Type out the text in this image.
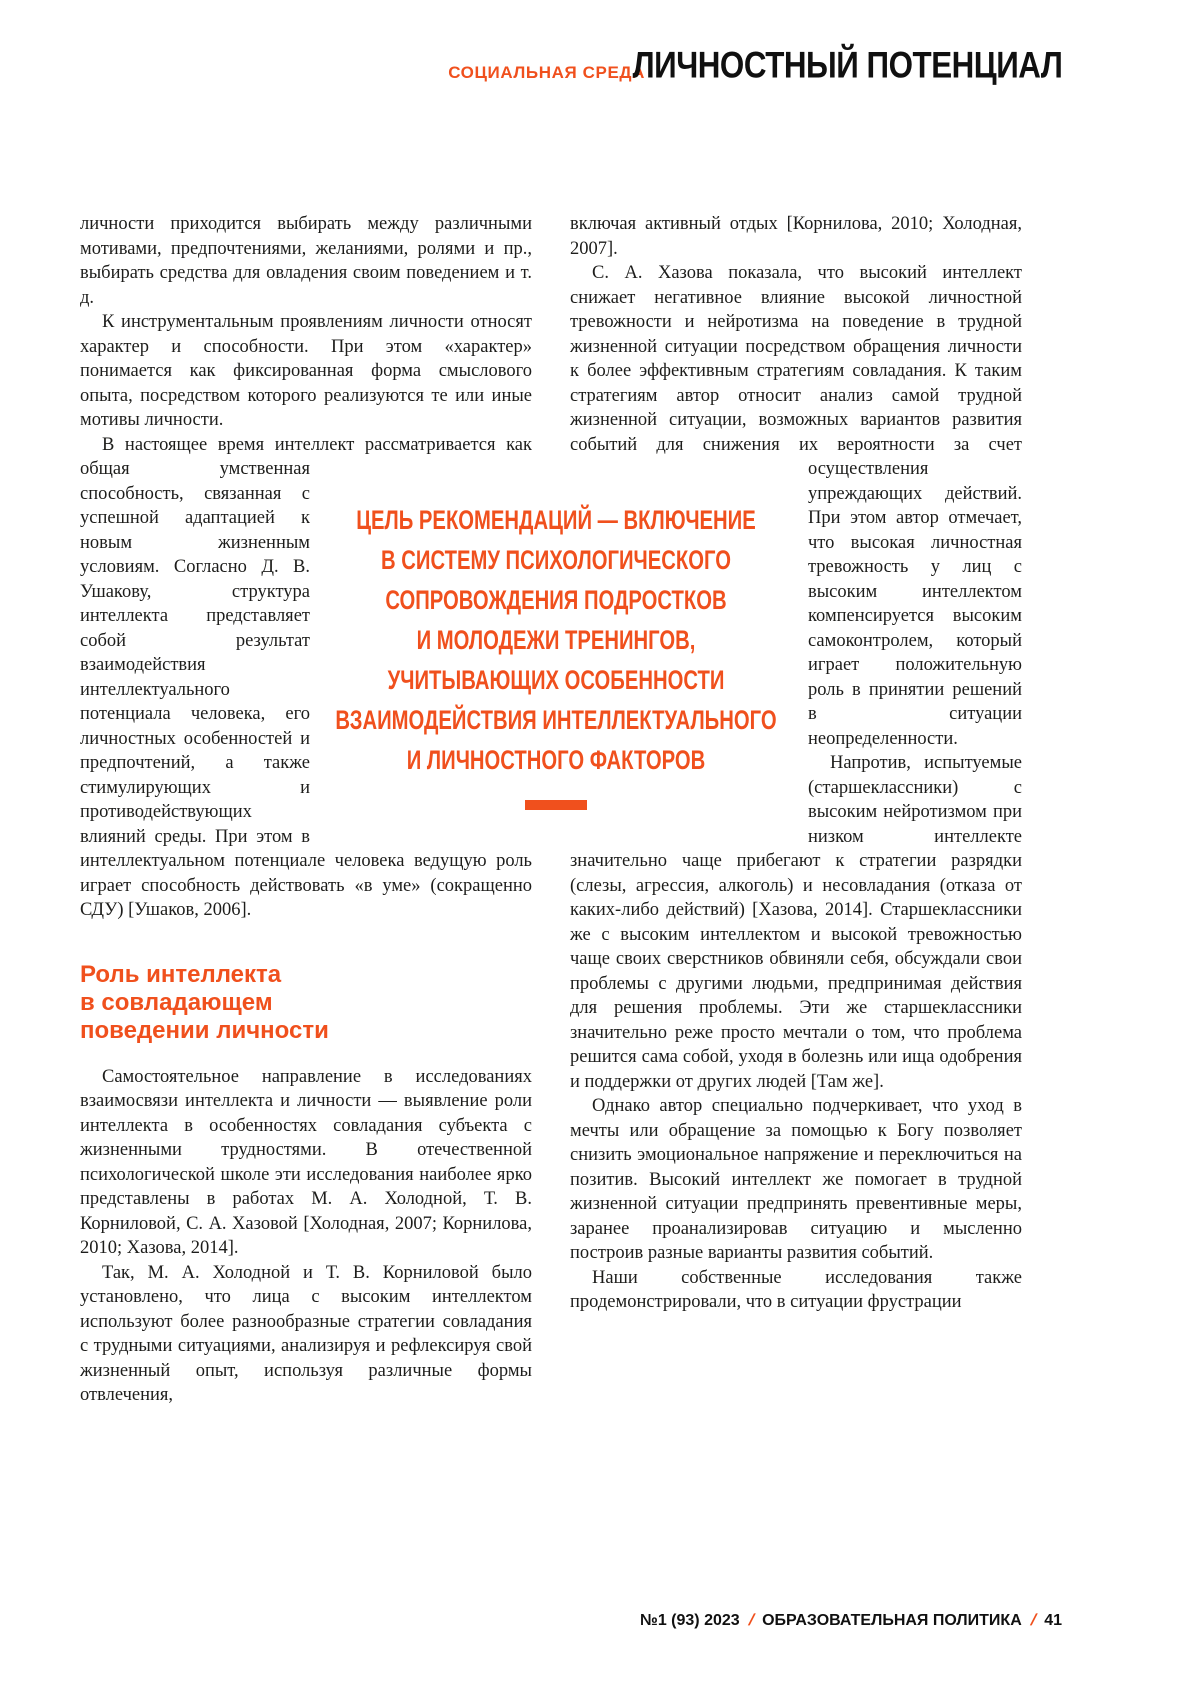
СОЦИАЛЬНАЯ СРЕДА
ЛИЧНОСТНЫЙ ПОТЕНЦИАЛ

личности приходится выбирать между различными мотивами, предпочтениями, желаниями, ролями и пр., выбирать средства для овладения своим поведением и т. д.

К инструментальным проявлениям личности относят характер и способности. При этом «характер» понимается как фиксированная форма смыслового опыта, посредством которого реализуются те или иные мотивы личности.

В настоящее время интеллект рассматривается как общая умственная способность, связанная с успешной адаптацией к новым жизненным условиям. Согласно Д. В. Ушакову, структура интеллекта представляет собой результат взаимодействия интеллектуального потенциала человека, его личностных особенностей и предпочтений, а также стимулирующих и противодействующих влияний среды. При этом в интеллектуальном потенциале человека ведущую роль играет способность действовать «в уме» (сокращенно СДУ) [Ушаков, 2006].

Роль интеллекта
в совладающем
поведении личности

Самостоятельное направление в исследованиях взаимосвязи интеллекта и личности — выявление роли интеллекта в особенностях совладания субъекта с жизненными трудностями. В отечественной психологической школе эти исследования наиболее ярко представлены в работах М. А. Холодной, Т. В. Корниловой, С. А. Хазовой [Холодная, 2007; Корнилова, 2010; Хазова, 2014].

Так, М. А. Холодной и Т. В. Корниловой было установлено, что лица с высоким интеллектом используют более разнообразные стратегии совладания с трудными ситуациями, анализируя и рефлексируя свой жизненный опыт, используя различные формы отвлечения,

включая активный отдых [Корнилова, 2010; Холодная, 2007].

С. А. Хазова показала, что высокий интеллект снижает негативное влияние высокой личностной тревожности и нейротизма на поведение в трудной жизненной ситуации посредством обращения личности к более эффективным стратегиям совладания. К таким стратегиям автор относит анализ самой трудной жизненной ситуации, возможных вариантов развития событий для снижения их вероятности за счет осуществления упреждающих действий. При этом автор отмечает, что высокая личностная тревожность у лиц с высоким интеллектом компенсируется высоким самоконтролем, который играет положительную роль в принятии решений в ситуации неопределенности.

Напротив, испытуемые (старшеклассники) с высоким нейротизмом при низком интеллекте значительно чаще прибегают к стратегии разрядки (слезы, агрессия, алкоголь) и несовладания (отказа от каких-либо действий) [Хазова, 2014]. Старшеклассники же с высоким интеллектом и высокой тревожностью чаще своих сверстников обвиняли себя, обсуждали свои проблемы с другими людьми, предпринимая действия для решения проблемы. Эти же старшеклассники значительно реже просто мечтали о том, что проблема решится сама собой, уходя в болезнь или ища одобрения и поддержки от других людей [Там же].

Однако автор специально подчеркивает, что уход в мечты или обращение за помощью к Богу позволяет снизить эмоциональное напряжение и переключиться на позитив. Высокий интеллект же помогает в трудной жизненной ситуации предпринять превентивные меры, заранее проанализировав ситуацию и мысленно построив разные варианты развития событий.

Наши собственные исследования также продемонстрировали, что в ситуации фрустрации

ЦЕЛЬ РЕКОМЕНДАЦИЙ — ВКЛЮЧЕНИЕ
В СИСТЕМУ ПСИХОЛОГИЧЕСКОГО
СОПРОВОЖДЕНИЯ ПОДРОСТКОВ
И МОЛОДЕЖИ ТРЕНИНГОВ,
УЧИТЫВАЮЩИХ ОСОБЕННОСТИ
ВЗАИМОДЕЙСТВИЯ ИНТЕЛЛЕКТУАЛЬНОГО
И ЛИЧНОСТНОГО ФАКТОРОВ
№1 (93) 2023 / ОБРАЗОВАТЕЛЬНАЯ ПОЛИТИКА / 41
